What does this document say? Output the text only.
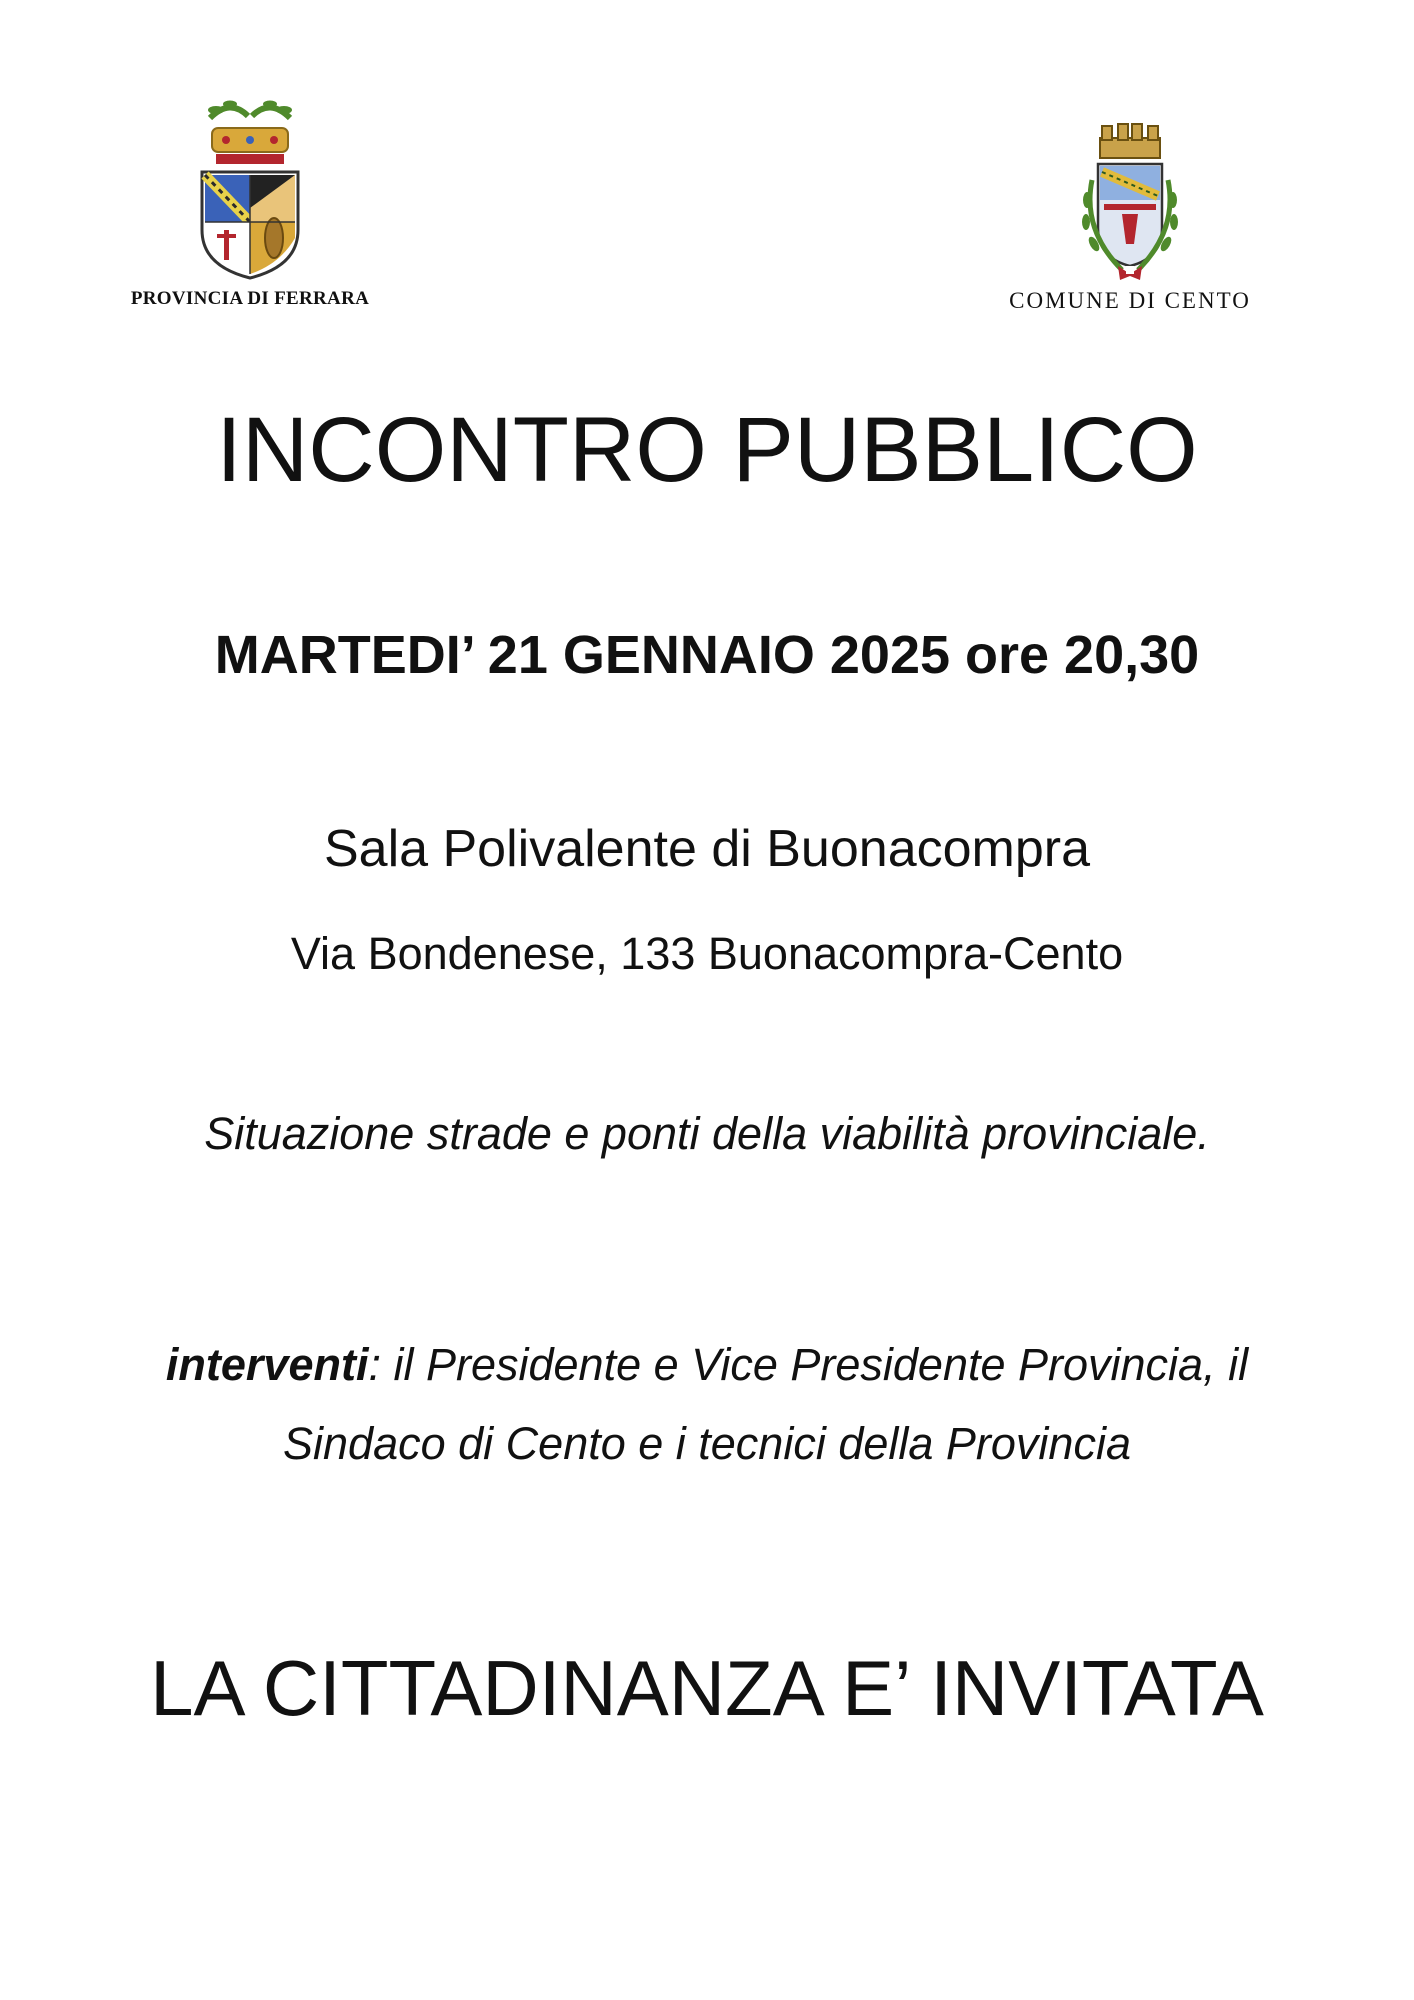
PROVINCIA DI FERRARA	COMUNE DI CENTO
INCONTRO PUBBLICO
MARTEDI’ 21 GENNAIO 2025 ore 20,30
Sala Polivalente di Buonacompra
Via Bondenese, 133 Buonacompra-Cento
Situazione strade e ponti della viabilità provinciale.
interventi: il Presidente e Vice Presidente Provincia, il
Sindaco di Cento e i tecnici della Provincia
LA CITTADINANZA E’ INVITATA
